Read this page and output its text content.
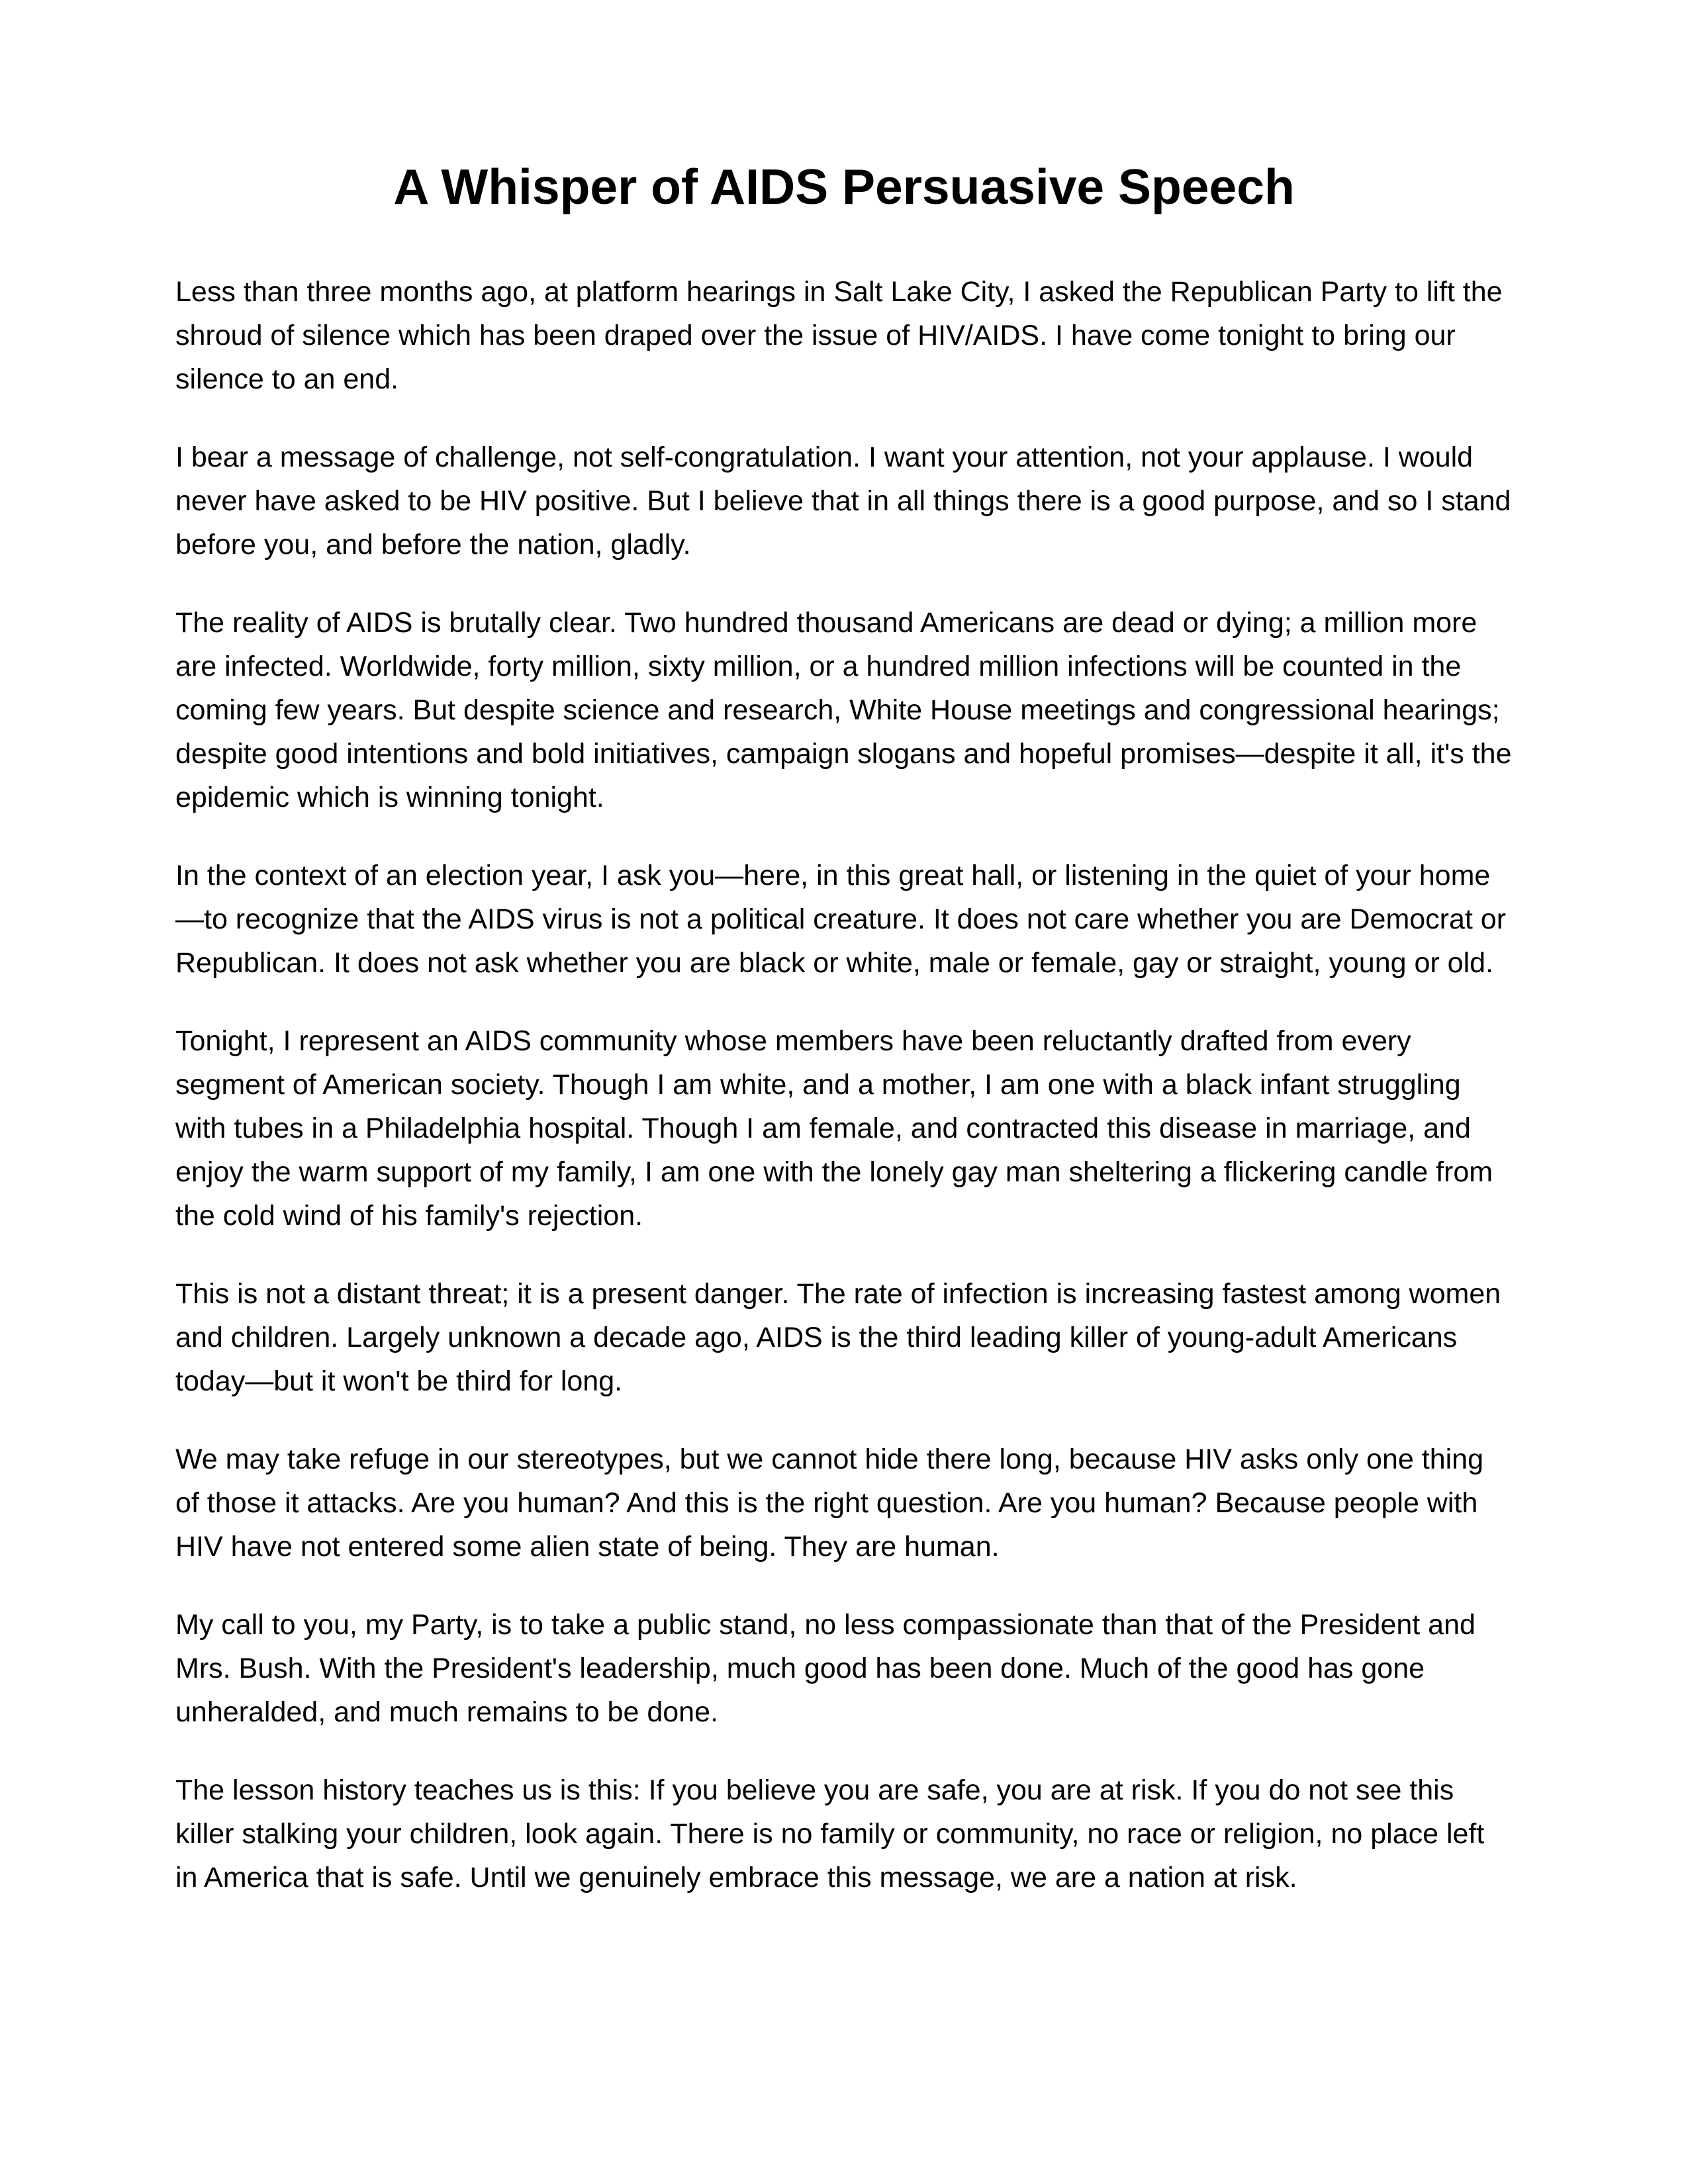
A Whisper of AIDS Persuasive Speech

Less than three months ago, at platform hearings in Salt Lake City, I asked the Republican Party to lift the shroud of silence which has been draped over the issue of HIV/AIDS. I have come tonight to bring our silence to an end.

I bear a message of challenge, not self-congratulation. I want your attention, not your applause. I would never have asked to be HIV positive. But I believe that in all things there is a good purpose, and so I stand before you, and before the nation, gladly.

The reality of AIDS is brutally clear. Two hundred thousand Americans are dead or dying; a million more are infected. Worldwide, forty million, sixty million, or a hundred million infections will be counted in the coming few years. But despite science and research, White House meetings and congressional hearings; despite good intentions and bold initiatives, campaign slogans and hopeful promises—despite it all, it's the epidemic which is winning tonight.

In the context of an election year, I ask you—here, in this great hall, or listening in the quiet of your home—to recognize that the AIDS virus is not a political creature. It does not care whether you are Democrat or Republican. It does not ask whether you are black or white, male or female, gay or straight, young or old.

Tonight, I represent an AIDS community whose members have been reluctantly drafted from every segment of American society. Though I am white, and a mother, I am one with a black infant struggling with tubes in a Philadelphia hospital. Though I am female, and contracted this disease in marriage, and enjoy the warm support of my family, I am one with the lonely gay man sheltering a flickering candle from the cold wind of his family's rejection.

This is not a distant threat; it is a present danger. The rate of infection is increasing fastest among women and children. Largely unknown a decade ago, AIDS is the third leading killer of young-adult Americans today—but it won't be third for long.

We may take refuge in our stereotypes, but we cannot hide there long, because HIV asks only one thing of those it attacks. Are you human? And this is the right question. Are you human? Because people with HIV have not entered some alien state of being. They are human.

My call to you, my Party, is to take a public stand, no less compassionate than that of the President and Mrs. Bush. With the President's leadership, much good has been done. Much of the good has gone unheralded, and much remains to be done.

The lesson history teaches us is this: If you believe you are safe, you are at risk. If you do not see this killer stalking your children, look again. There is no family or community, no race or religion, no place left in America that is safe. Until we genuinely embrace this message, we are a nation at risk.
